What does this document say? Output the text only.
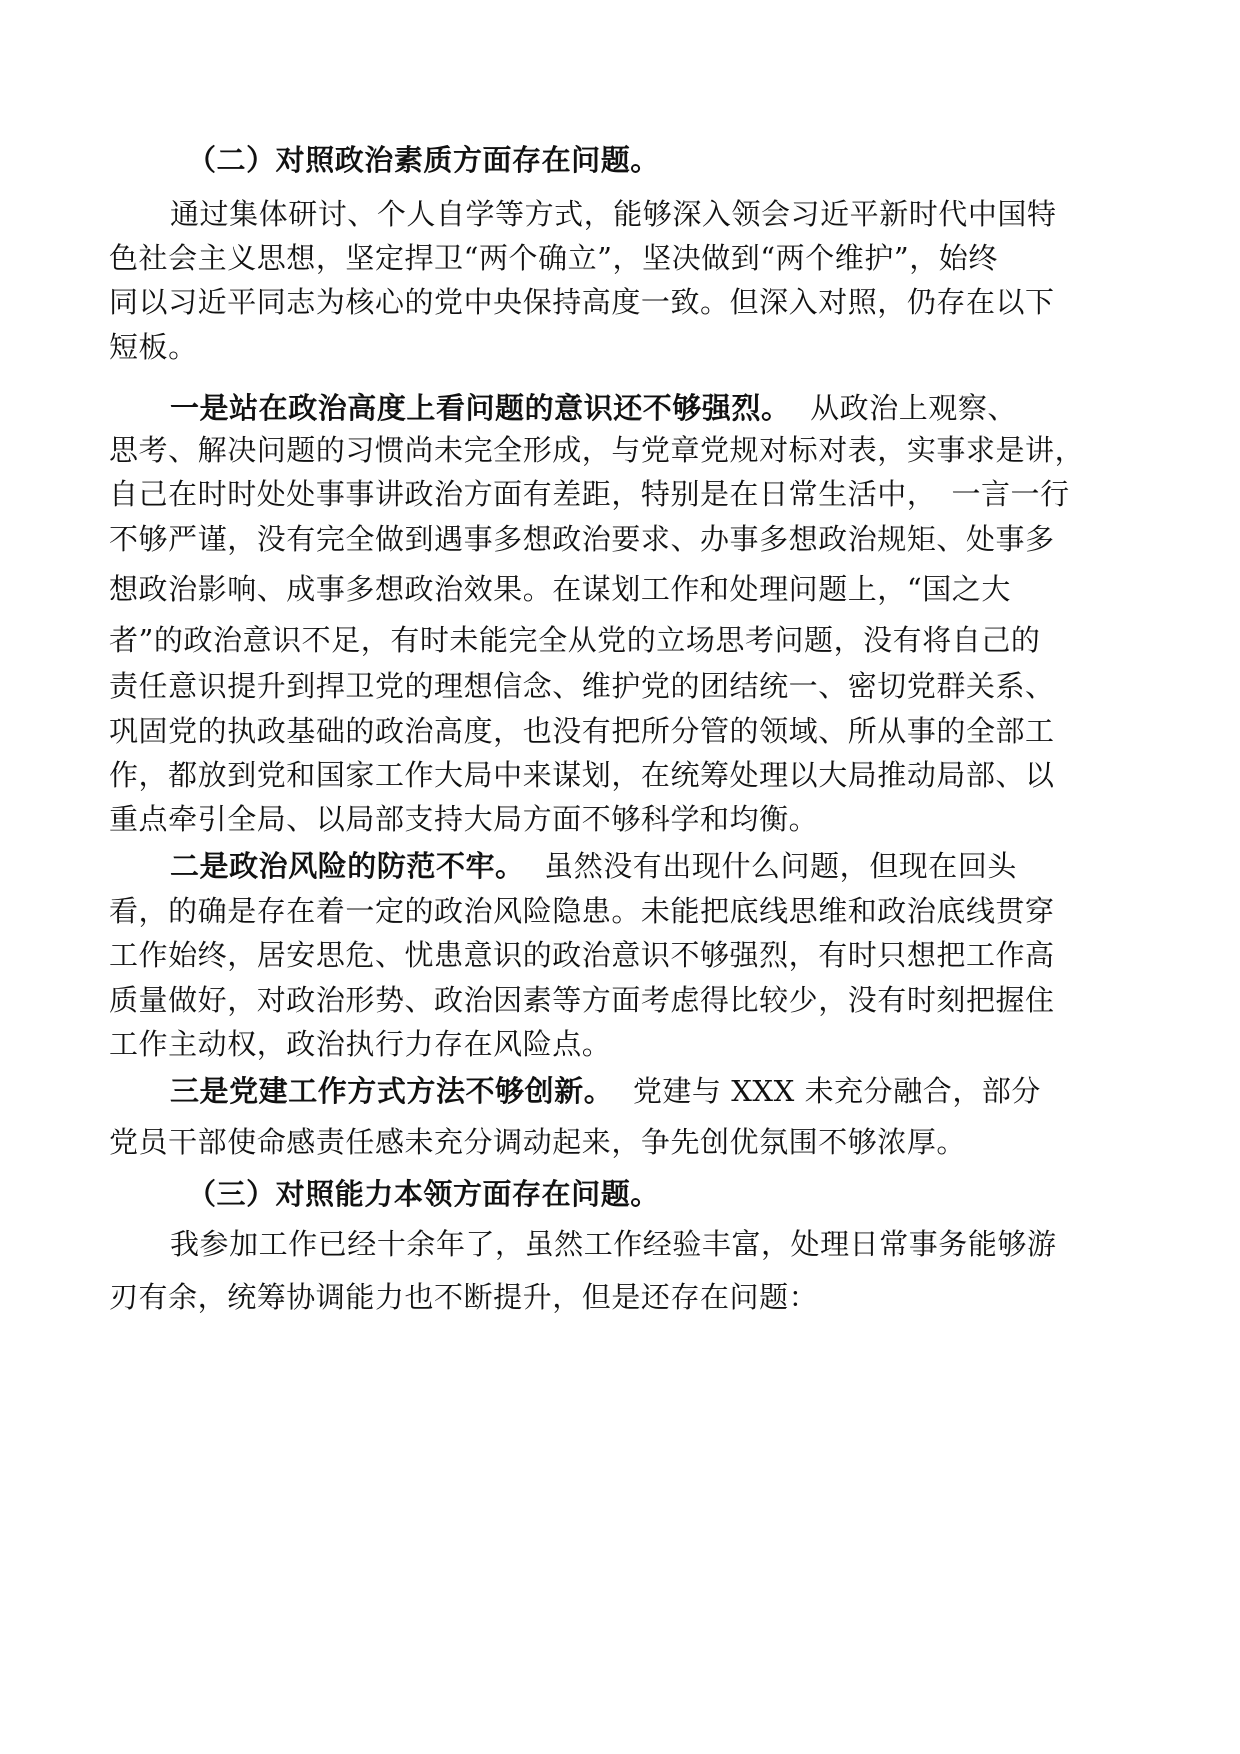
（二）对照政治素质方面存在问题。
通过集体研讨、个人自学等方式，能够深入领会习近平新时代中国特
色社会主义思想，坚定捍卫“两个确立”，坚决做到“两个维护”，始终
同以习近平同志为核心的党中央保持高度一致。但深入对照，仍存在以下
短板。
一是站在政治高度上看问题的意识还不够强烈。 从政治上观察、
思考、解决问题的习惯尚未完全形成，与党章党规对标对表，实事求是讲，
自己在时时处处事事讲政治方面有差距，特别是在日常生活中，　一言一行
不够严谨，没有完全做到遇事多想政治要求、办事多想政治规矩、处事多
想政治影响、成事多想政治效果。在谋划工作和处理问题上，“国之大
者”的政治意识不足，有时未能完全从党的立场思考问题，没有将自己的
责任意识提升到捍卫党的理想信念、维护党的团结统一、密切党群关系、
巩固党的执政基础的政治高度，也没有把所分管的领域、所从事的全部工
作，都放到党和国家工作大局中来谋划，在统筹处理以大局推动局部、以
重点牵引全局、以局部支持大局方面不够科学和均衡。
二是政治风险的防范不牢。 虽然没有出现什么问题，但现在回头
看，的确是存在着一定的政治风险隐患。未能把底线思维和政治底线贯穿
工作始终，居安思危、忧患意识的政治意识不够强烈，有时只想把工作高
质量做好，对政治形势、政治因素等方面考虑得比较少，没有时刻把握住
工作主动权，政治执行力存在风险点。
三是党建工作方式方法不够创新。 党建与 XXX 未充分融合，部分
党员干部使命感责任感未充分调动起来，争先创优氛围不够浓厚。
（三）对照能力本领方面存在问题。
我参加工作已经十余年了，虽然工作经验丰富，处理日常事务能够游
刃有余，统筹协调能力也不断提升，但是还存在问题：
